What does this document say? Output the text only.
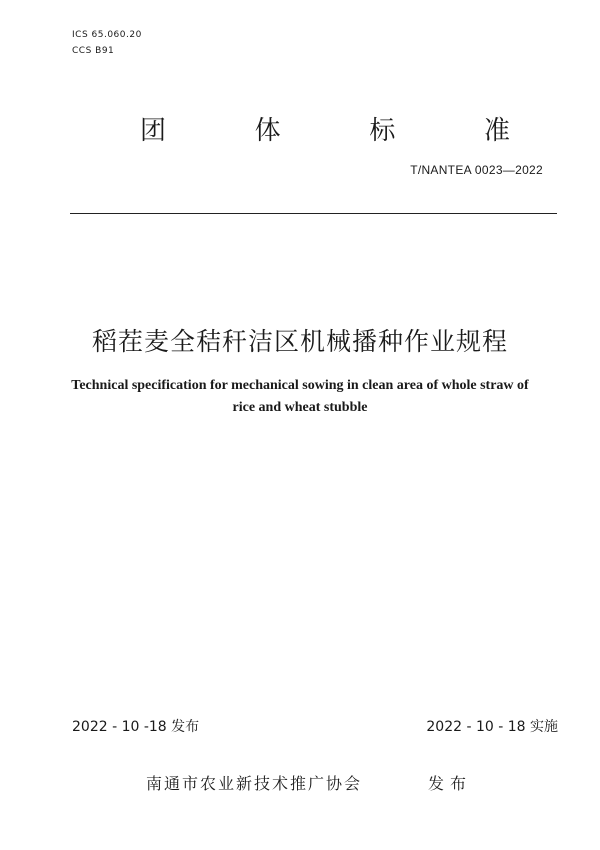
ICS 65.060.20
CCS B91
团	体	标	准
T/NANTEA 0023—2022
稻茬麦全秸秆洁区机械播种作业规程
Technical specification for mechanical sowing in clean area of whole straw of
rice and wheat stubble
2022 - 10 -18 发布	2022 - 10 - 18 实施
南通市农业新技术推广协会	发布
